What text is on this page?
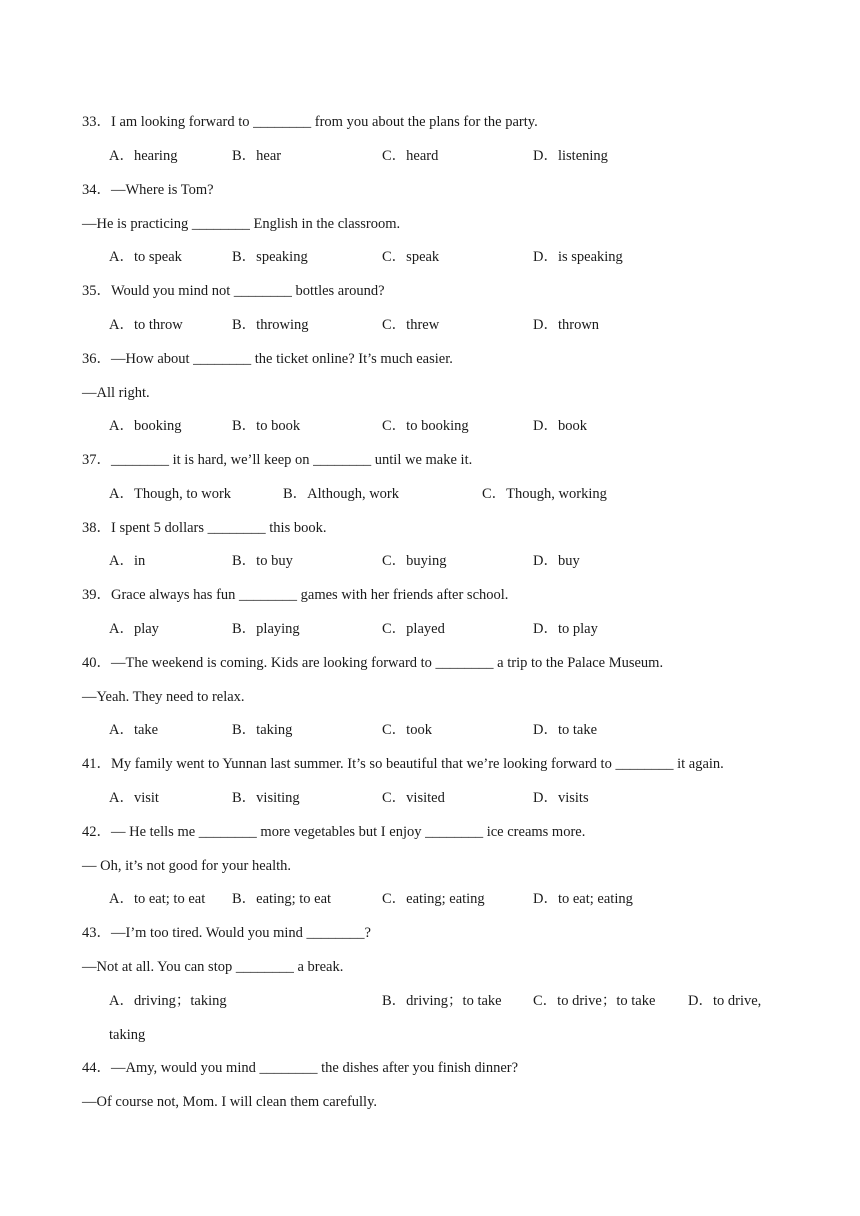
33．I am looking forward to ________ from you about the plans for the party.
A．hearing	B．hear	C．heard	D．listening
34．—Where is Tom?
—He is practicing ________ English in the classroom.
A．to speak	B．speaking	C．speak	D．is speaking
35．Would you mind not ________ bottles around?
A．to throw	B．throwing	C．threw	D．thrown
36．—How about ________ the ticket online? It’s much easier.
—All right.
A．booking	B．to book	C．to booking	D．book
37．________ it is hard, we’ll keep on ________ until we make it.
A．Though, to work	B．Although, work	C．Though, working
38．I spent 5 dollars ________ this book.
A．in	B．to buy	C．buying	D．buy
39．Grace always has fun ________ games with her friends after school.
A．play	B．playing	C．played	D．to play
40．—The weekend is coming. Kids are looking forward to ________ a trip to the Palace Museum.
—Yeah. They need to relax.
A．take	B．taking	C．took	D．to take
41．My family went to Yunnan last summer. It’s so beautiful that we’re looking forward to ________ it again.
A．visit	B．visiting	C．visited	D．visits
42．— He tells me ________ more vegetables but I enjoy ________ ice creams more.
— Oh, it’s not good for your health.
A．to eat; to eat B．eating; to eat	C．eating; eating	D．to eat; eating
43．—I’m too tired. Would you mind ________?
—Not at all. You can stop ________ a break.
A．driving；taking	B．driving；to take C．to drive；to take D．to drive,
taking
44．—Amy, would you mind ________ the dishes after you finish dinner?
—Of course not, Mom. I will clean them carefully.
